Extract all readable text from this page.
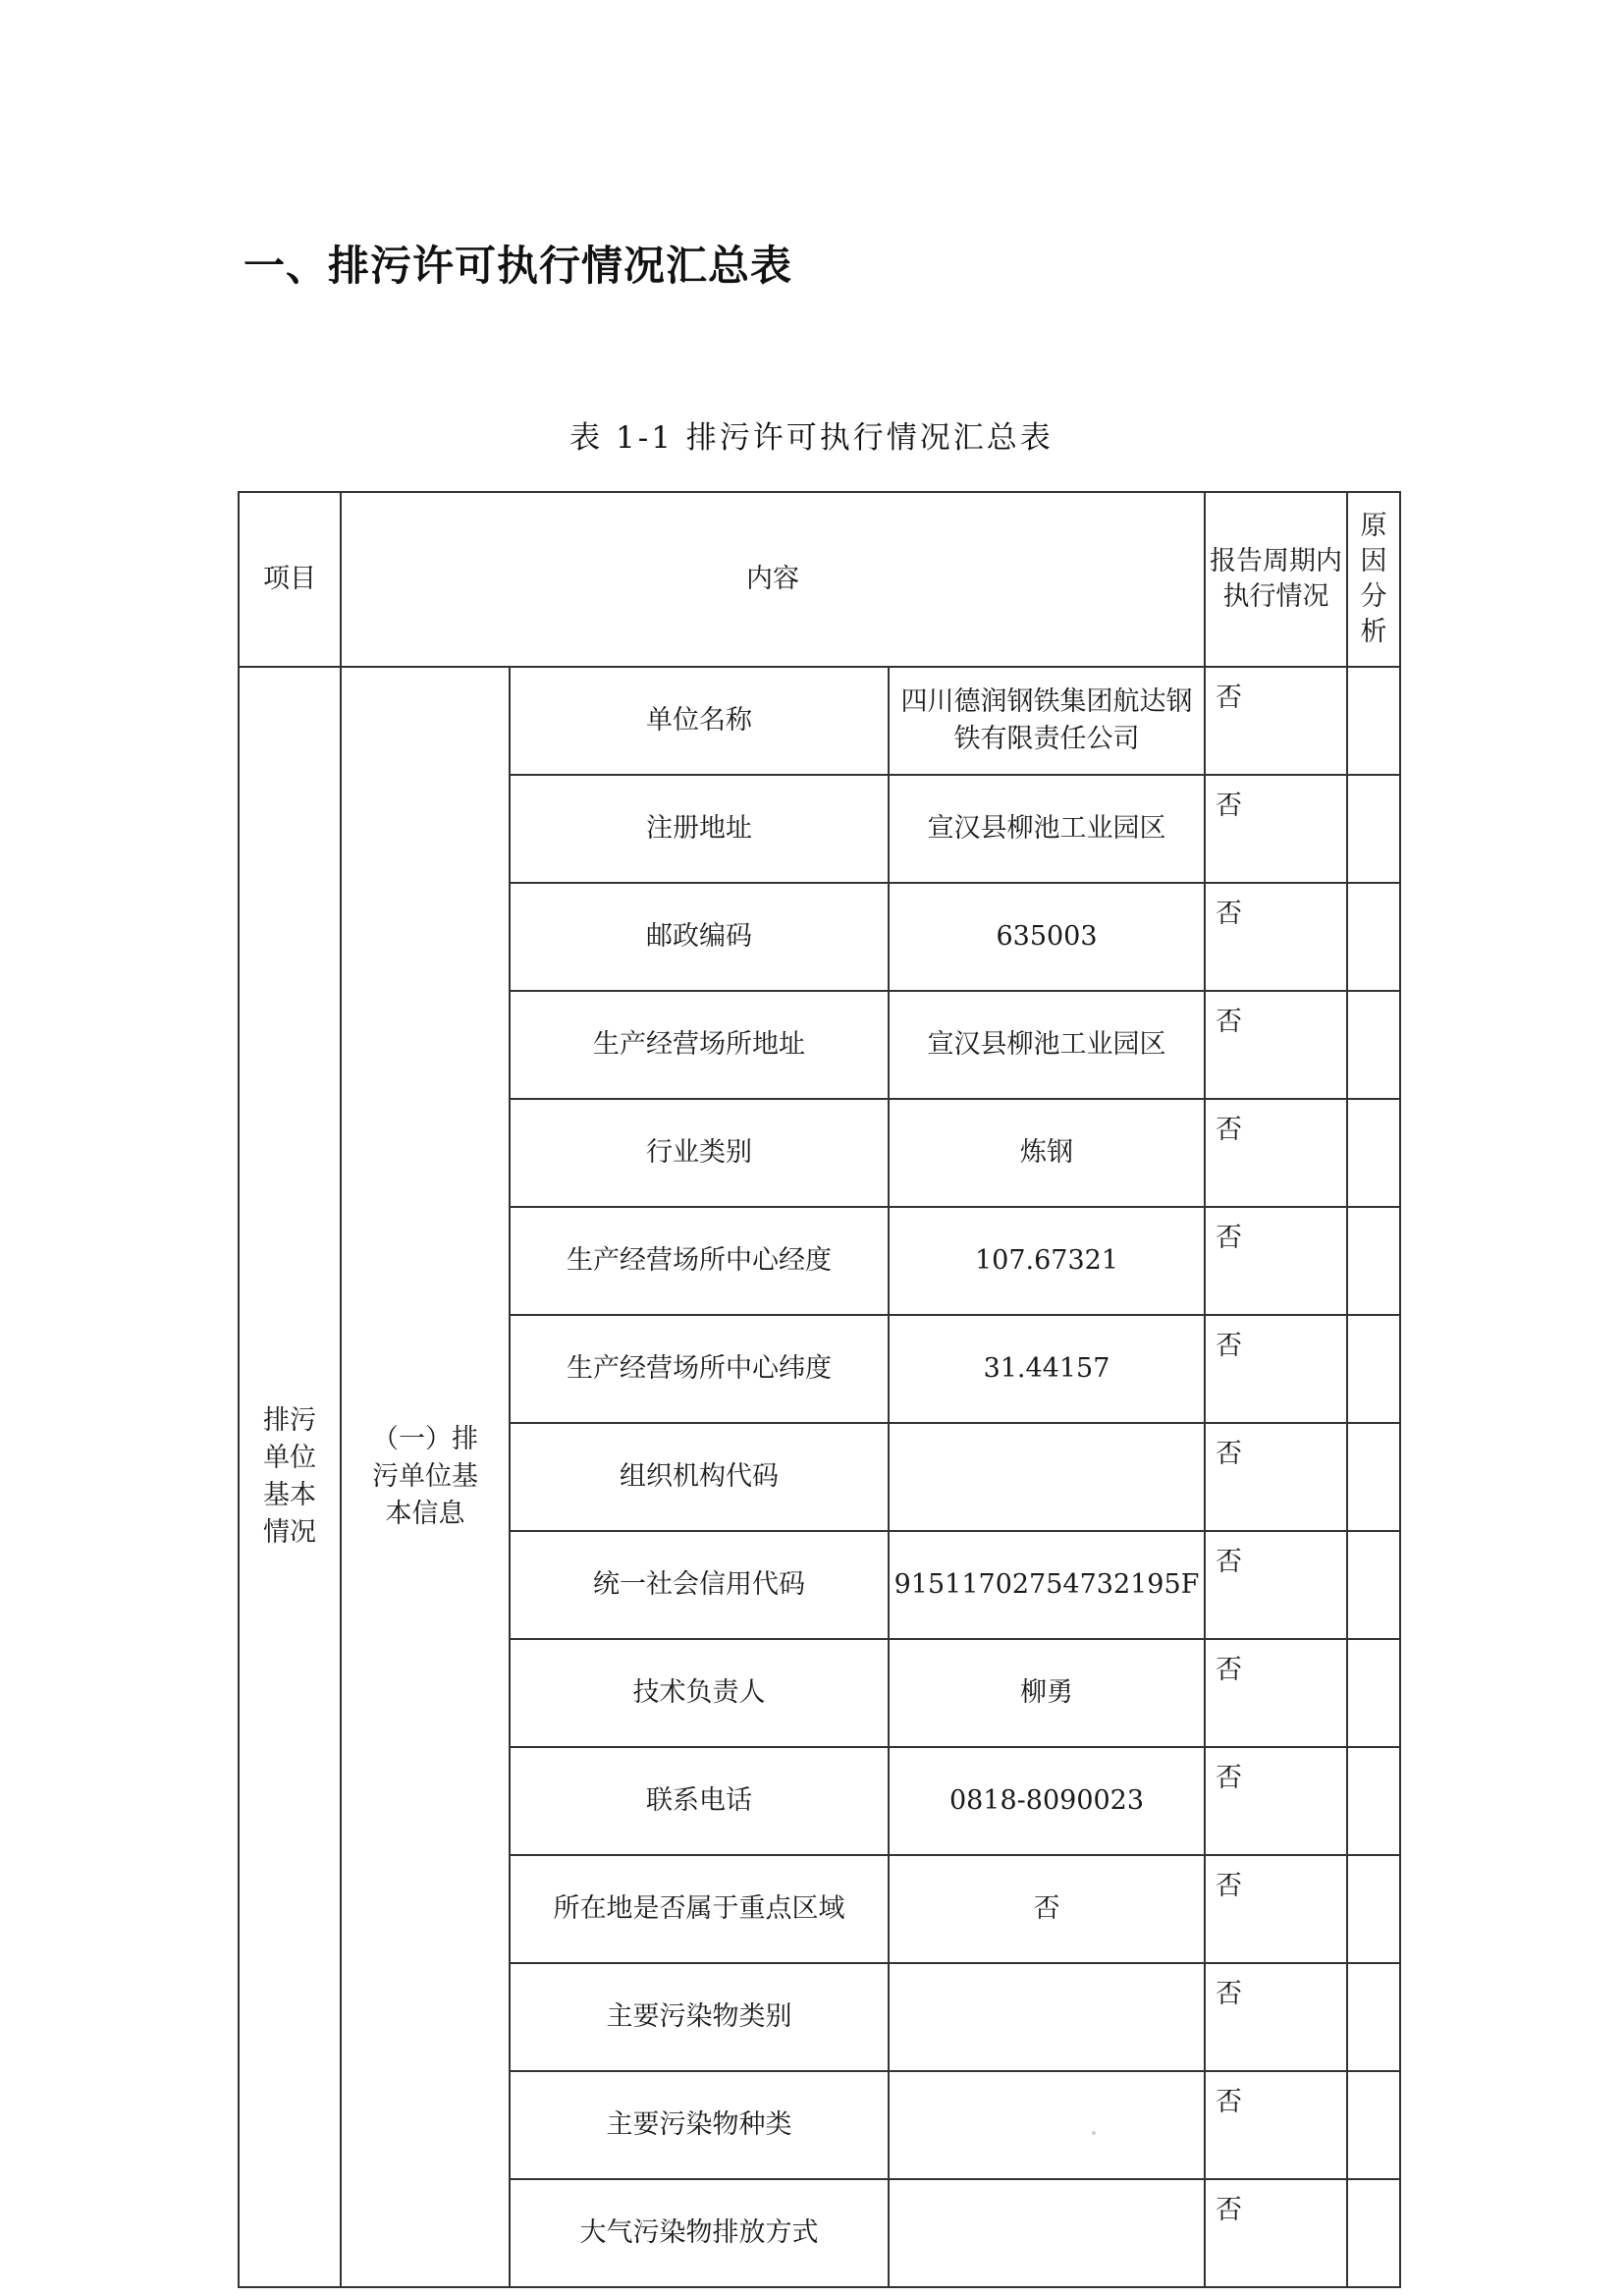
一、排污许可执行情况汇总表
表 1-1 排污许可执行情况汇总表
项目	内容			报告周期内执行情况	原因分析
排污单位基本情况	（一）排污单位基本信息	单位名称	四川德润钢铁集团航达钢铁有限责任公司	否	
		注册地址	宣汉县柳池工业园区	否	
		邮政编码	635003	否	
		生产经营场所地址	宣汉县柳池工业园区	否	
		行业类别	炼钢	否	
		生产经营场所中心经度	107.67321	否	
		生产经营场所中心纬度	31.44157	否	
		组织机构代码		否	
		统一社会信用代码	91511702754732195F	否	
		技术负责人	柳勇	否	
		联系电话	0818-8090023	否	
		所在地是否属于重点区域	否	否	
		主要污染物类别		否	
		主要污染物种类		否	
		大气污染物排放方式		否	
